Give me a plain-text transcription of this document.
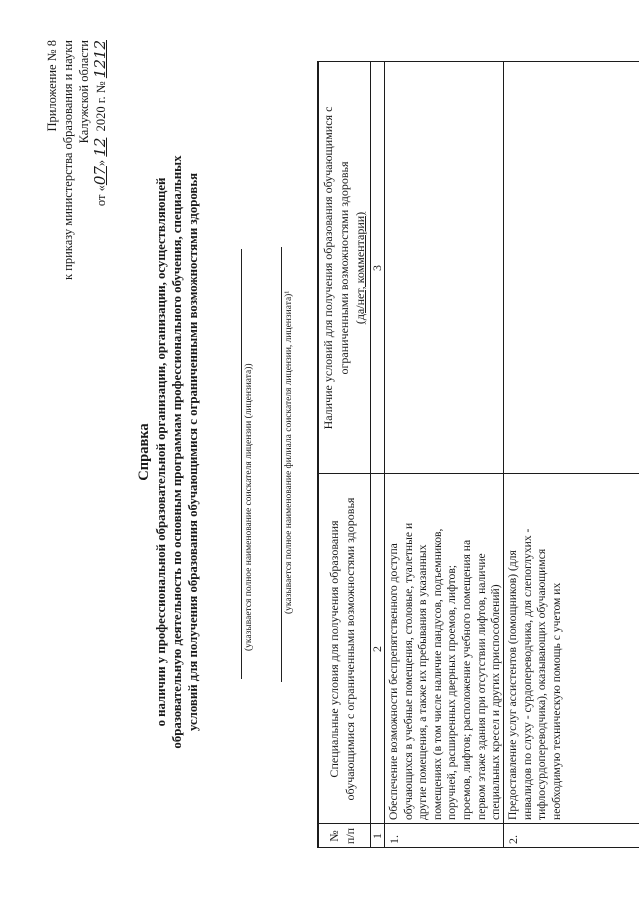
Приложение № 8 к приказу министерства образования и науки Калужской области
от «07» 12  2020 г. № 1212
Справка о наличии у профессиональной образовательной организации, организации, осуществляющей образовательную деятельность по основным программам профессионального обучения, специальных условий для получения образования обучающимися с ограниченными возможностями здоровья	(указывается полное наименование соискателя лицензии (лицензиата))	(указывается полное наименование филиала соискателя лицензии, лицензиата)¹
№ п/п
Специальные условия для получения образования обучающимися с ограниченными возможностями здоровья
Наличие условий для получения образования обучающимися с ограниченными возможностями здоровья (да/нет, комментарии)
1
2
3
1.
Обеспечение возможности беспрепятственного доступа обучающихся в учебные помещения, столовые, туалетные и другие помещения, а также их пребывания в указанных помещениях (в том числе наличие пандусов, подъемников, поручней, расширенных дверных проемов, лифтов; проемов, лифтов; расположение учебного помещения на первом этаже здания при отсутствии лифтов, наличие специальных кресел и других приспособлений)
2.
Предоставление услуг ассистентов (помощников) (для инвалидов по слуху - сурдопереводчика, для слепоглухих - тифлосурдопереводчика), оказывающих обучающимся необходимую техническую помощь с учетом их
